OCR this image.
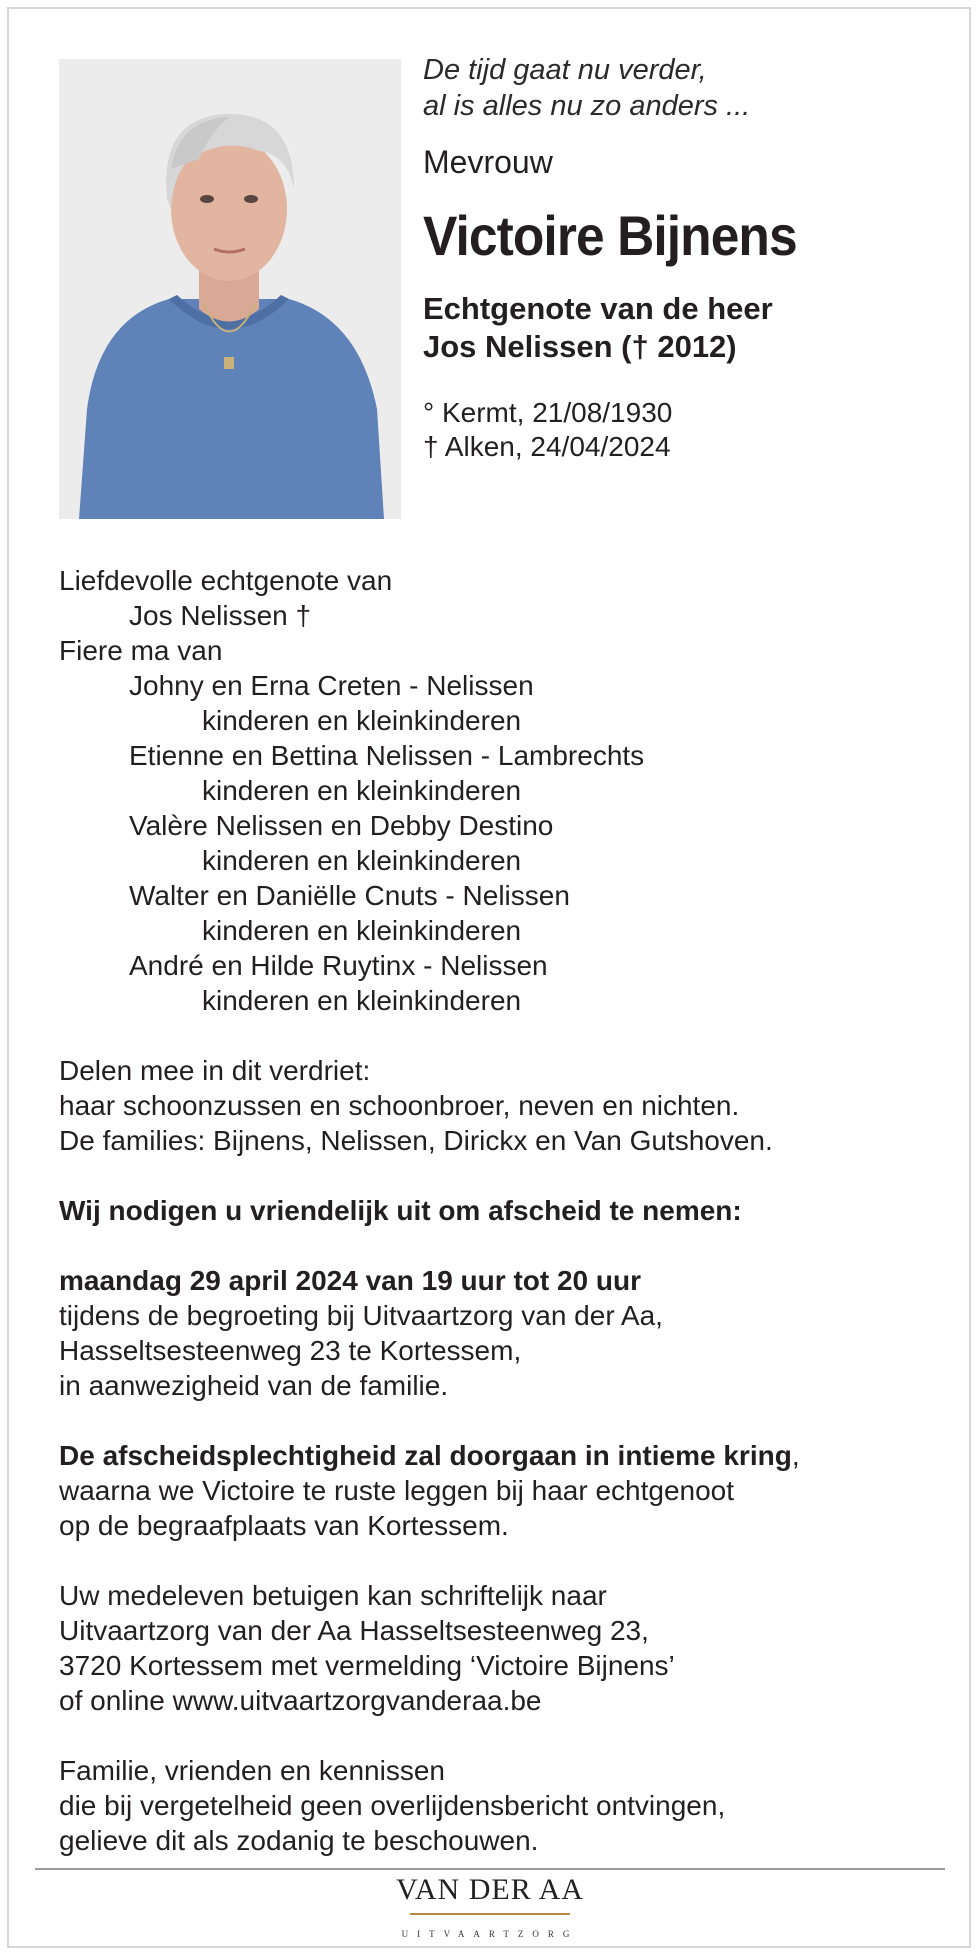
De tijd gaat nu verder,
al is alles nu zo anders ...
Mevrouw
Victoire Bijnens
Echtgenote van de heer
Jos Nelissen († 2012)
° Kermt, 21/08/1930
† Alken, 24/04/2024
Liefdevolle echtgenote van
Jos Nelissen †
Fiere ma van
Johny en Erna Creten - Nelissen
kinderen en kleinkinderen
Etienne en Bettina Nelissen - Lambrechts
kinderen en kleinkinderen
Valère Nelissen en Debby Destino
kinderen en kleinkinderen
Walter en Daniëlle Cnuts - Nelissen
kinderen en kleinkinderen
André en Hilde Ruytinx - Nelissen
kinderen en kleinkinderen
Delen mee in dit verdriet:
haar schoonzussen en schoonbroer, neven en nichten.
De families: Bijnens, Nelissen, Dirickx en Van Gutshoven.
Wij nodigen u vriendelijk uit om afscheid te nemen:
maandag 29 april 2024 van 19 uur tot 20 uur
tijdens de begroeting bij Uitvaartzorg van der Aa,
Hasseltsesteenweg 23 te Kortessem,
in aanwezigheid van de familie.
De afscheidsplechtigheid zal doorgaan in intieme kring,
waarna we Victoire te ruste leggen bij haar echtgenoot
op de begraafplaats van Kortessem.
Uw medeleven betuigen kan schriftelijk naar
Uitvaartzorg van der Aa Hasseltsesteenweg 23,
3720 Kortessem met vermelding ‘Victoire Bijnens’
of online www.uitvaartzorgvanderaa.be
Familie, vrienden en kennissen
die bij vergetelheid geen overlijdensbericht ontvingen,
gelieve dit als zodanig te beschouwen.
VAN DER AA
UITVAARTZORG
